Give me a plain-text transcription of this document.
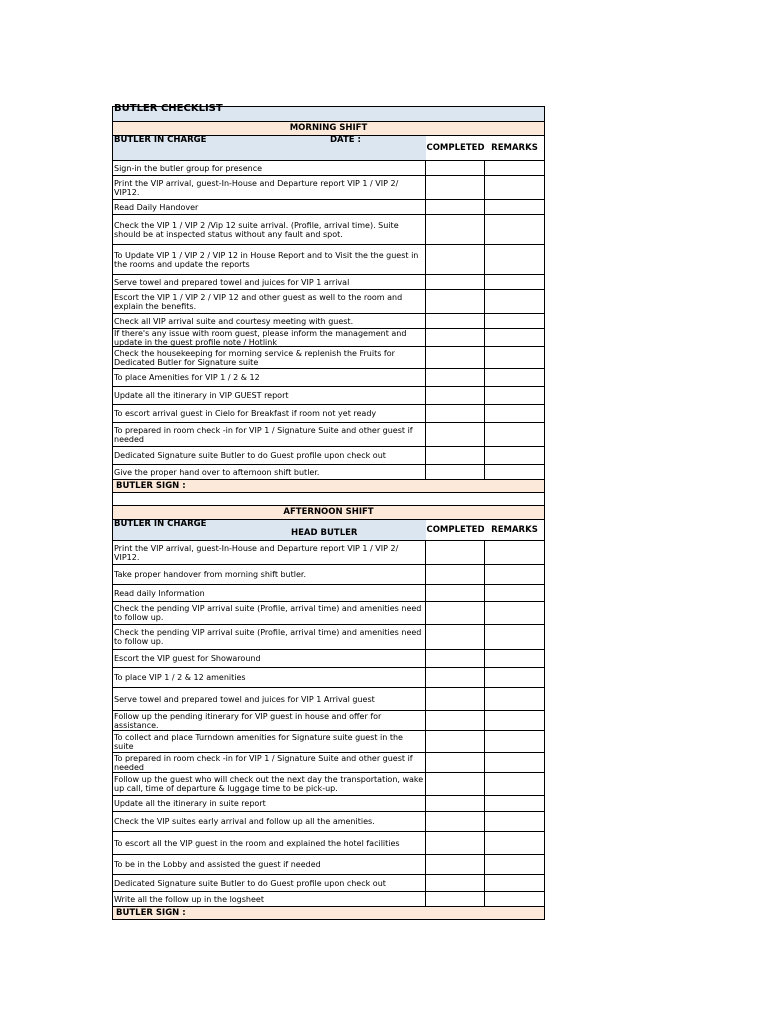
BUTLER CHECKLIST
MORNING SHIFT
BUTLER IN CHARGE	DATE :
COMPLETED REMARKS
Sign-in the butler group for presence
Print the VIP arrival, guest-In-House and Departure report VIP 1 / VIP 2/ VIP12.
Read Daily Handover
Check the VIP 1 / VIP 2 /Vip 12 suite arrival. (Profile, arrival time). Suite should be at inspected status without any fault and spot.
To Update VIP 1 / VIP 2 / VIP 12 in House Report and to Visit the the guest in the rooms and update the reports
Serve towel and prepared towel and juices for VIP 1 arrival
Escort the VIP 1 / VIP 2 / VIP 12 and other guest as well to the room and explain the benefits.
Check all VIP arrival suite and courtesy meeting with guest.
If there's any issue with room guest, please inform the management and update in the guest profile note / Hotlink
Check the housekeeping for morning service & replenish the Fruits for Dedicated Butler for Signature suite
To place Amenities for VIP 1 / 2 & 12
Update all the itinerary in VIP GUEST report
To escort arrival guest in Cielo for Breakfast if room not yet ready
To prepared in room check -in for VIP 1 / Signature Suite and other guest if needed
Dedicated Signature suite Butler to do Guest profile upon check out
Give the proper hand over to afternoon shift butler.
BUTLER SIGN :
AFTERNOON SHIFT
BUTLER IN CHARGE
HEAD BUTLER	COMPLETED REMARKS
Print the VIP arrival, guest-In-House and Departure report VIP 1 / VIP 2/ VIP12.
Take proper handover from morning shift butler.
Read daily Information
Check the pending VIP arrival suite (Profile, arrival time) and amenities need to follow up.
Check the pending VIP arrival suite (Profile, arrival time) and amenities need to follow up.
Escort the VIP guest for Showaround
To place VIP 1 / 2 & 12 amenities
Serve towel and prepared towel and juices for VIP 1 Arrival guest
Follow up the pending itinerary for VIP guest in house and offer for assistance.
To collect and place Turndown amenities for Signature suite guest in the suite
To prepared in room check -in for VIP 1 / Signature Suite and other guest if needed
Follow up the guest who will check out the next day the transportation, wake up call, time of departure & luggage time to be pick-up.
Update all the itinerary in suite report
Check the VIP suites early arrival and follow up all the amenities.
To escort all the VIP guest in the room and explained the hotel facilities
To be in the Lobby and assisted the guest if needed
Dedicated Signature suite Butler to do Guest profile upon check out
Write all the follow up in the logsheet
BUTLER SIGN :
